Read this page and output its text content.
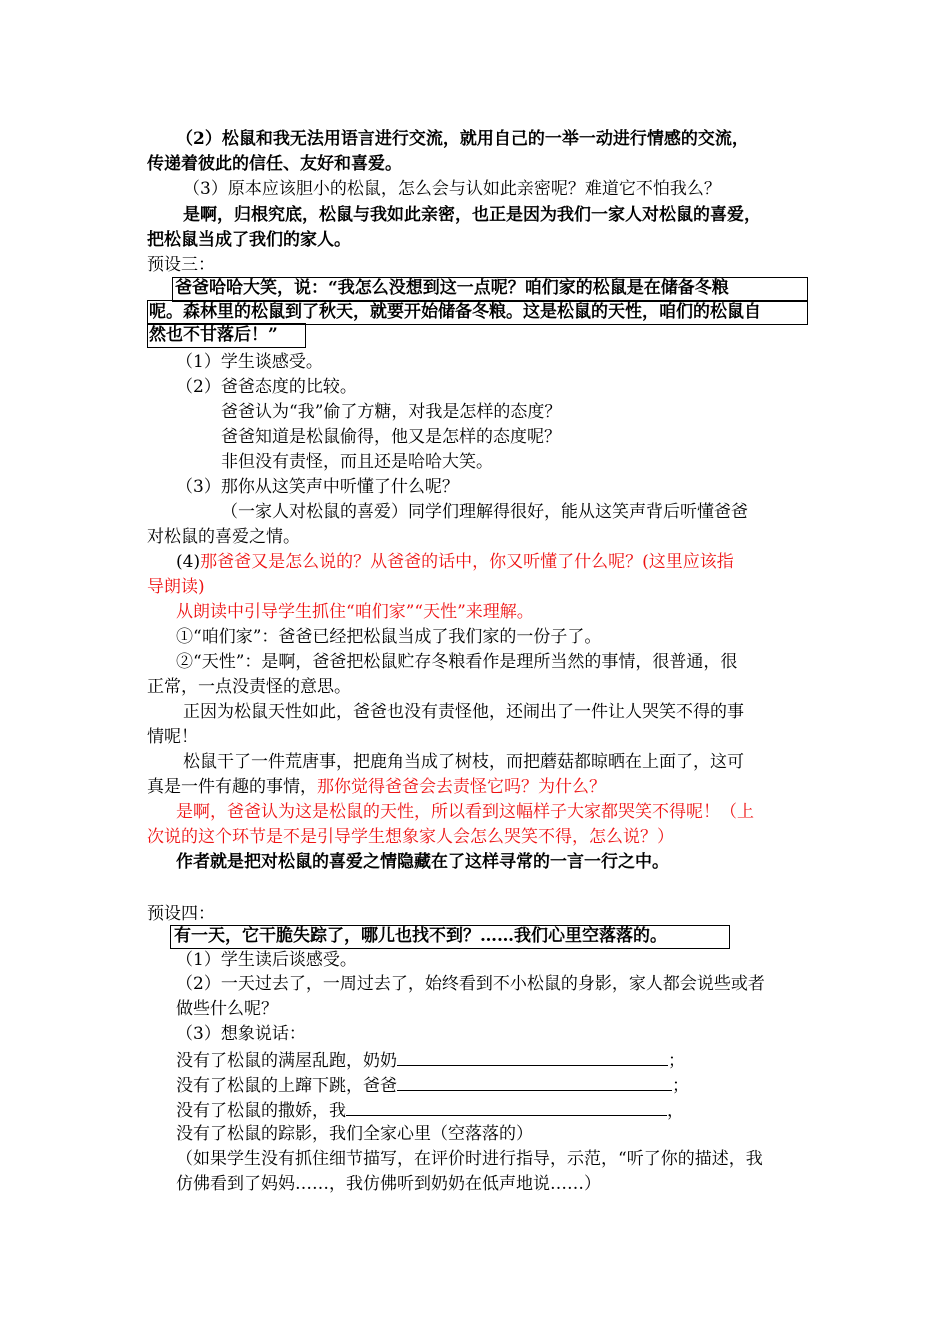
（2）松鼠和我无法用语言进行交流，就用自己的一举一动进行情感的交流，
传递着彼此的信任、友好和喜爱。
（3）原本应该胆小的松鼠，怎么会与认如此亲密呢？难道它不怕我么？
是啊，归根究底，松鼠与我如此亲密，也正是因为我们一家人对松鼠的喜爱，
把松鼠当成了我们的家人。
预设三：
爸爸哈哈大笑，说：“我怎么没想到这一点呢？咱们家的松鼠是在储备冬粮
呢。森林里的松鼠到了秋天，就要开始储备冬粮。这是松鼠的天性，咱们的松鼠自
然也不甘落后！”
（1）学生谈感受。
（2）爸爸态度的比较。
爸爸认为“我”偷了方糖，对我是怎样的态度？
爸爸知道是松鼠偷得，他又是怎样的态度呢？
非但没有责怪，而且还是哈哈大笑。
（3）那你从这笑声中听懂了什么呢？
（一家人对松鼠的喜爱）同学们理解得很好，能从这笑声背后听懂爸爸
对松鼠的喜爱之情。
(4)那爸爸又是怎么说的？从爸爸的话中，你又听懂了什么呢？(这里应该指
导朗读)
从朗读中引导学生抓住“咱们家”“天性”来理解。
①“咱们家”：爸爸已经把松鼠当成了我们家的一份子了。
②“天性”：是啊，爸爸把松鼠贮存冬粮看作是理所当然的事情，很普通，很
正常，一点没责怪的意思。
正因为松鼠天性如此，爸爸也没有责怪他，还闹出了一件让人哭笑不得的事
情呢！
松鼠干了一件荒唐事，把鹿角当成了树枝，而把蘑菇都晾晒在上面了，这可
真是一件有趣的事情，那你觉得爸爸会去责怪它吗？为什么？
是啊，爸爸认为这是松鼠的天性，所以看到这幅样子大家都哭笑不得呢！（上
次说的这个环节是不是引导学生想象家人会怎么哭笑不得，怎么说？）
作者就是把对松鼠的喜爱之情隐藏在了这样寻常的一言一行之中。
预设四：
有一天，它干脆失踪了，哪儿也找不到？……我们心里空落落的。
（1）学生读后谈感受。
（2）一天过去了，一周过去了，始终看到不小松鼠的身影，家人都会说些或者
做些什么呢？
（3）想象说话：
没有了松鼠的满屋乱跑，奶奶	；
没有了松鼠的上蹿下跳，爸爸	；
没有了松鼠的撒娇，我	，
没有了松鼠的踪影，我们全家心里（空落落的）
（如果学生没有抓住细节描写，在评价时进行指导，示范，“听了你的描述，我
仿佛看到了妈妈……，我仿佛听到奶奶在低声地说……）
